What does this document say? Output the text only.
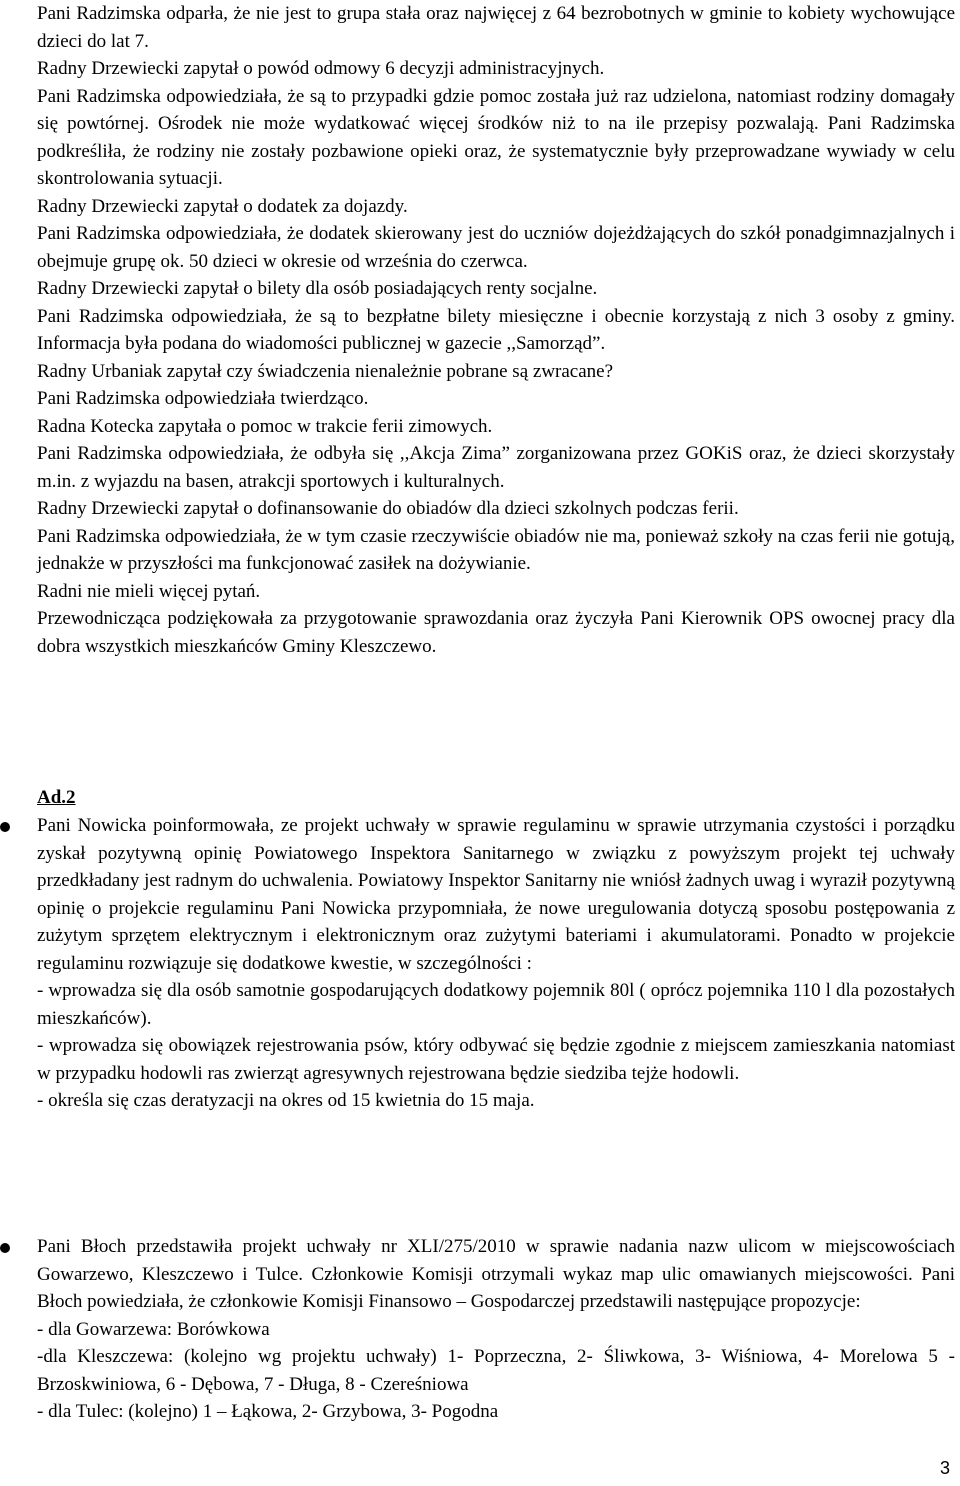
Pani Radzimska odparła, że nie jest to grupa stała oraz najwięcej z 64 bezrobotnych w gminie to kobiety wychowujące dzieci do lat 7.
Radny Drzewiecki zapytał o powód odmowy 6 decyzji administracyjnych.
Pani Radzimska odpowiedziała, że są to przypadki gdzie pomoc została już raz udzielona, natomiast rodziny domagały się powtórnej. Ośrodek nie może wydatkować więcej środków niż to na ile przepisy pozwalają. Pani Radzimska podkreśliła, że rodziny nie zostały pozbawione opieki oraz, że systematycznie były przeprowadzane wywiady w celu skontrolowania sytuacji.
Radny Drzewiecki zapytał o dodatek za dojazdy.
Pani Radzimska odpowiedziała, że dodatek skierowany jest do uczniów dojeżdżających do szkół ponadgimnazjalnych i obejmuje grupę ok. 50 dzieci w okresie od września do czerwca.
Radny Drzewiecki zapytał o bilety dla osób posiadających renty socjalne.
Pani Radzimska odpowiedziała, że są to bezpłatne bilety miesięczne i obecnie korzystają z nich 3 osoby z gminy. Informacja była podana do wiadomości publicznej w gazecie ,,Samorząd”.
Radny Urbaniak zapytał czy świadczenia nienależnie pobrane są zwracane?
Pani Radzimska odpowiedziała twierdząco.
Radna Kotecka zapytała o pomoc w trakcie ferii zimowych.
Pani Radzimska odpowiedziała, że odbyła się ,,Akcja Zima” zorganizowana przez GOKiS oraz, że dzieci skorzystały m.in. z wyjazdu na basen, atrakcji sportowych i kulturalnych.
Radny Drzewiecki zapytał o dofinansowanie do obiadów dla dzieci szkolnych podczas ferii.
Pani Radzimska odpowiedziała, że w tym czasie rzeczywiście obiadów nie ma, ponieważ szkoły na czas ferii nie gotują, jednakże w przyszłości ma funkcjonować zasiłek na dożywianie.
Radni nie mieli więcej pytań.
Przewodnicząca podziękowała za przygotowanie sprawozdania oraz życzyła Pani Kierownik OPS owocnej pracy dla dobra wszystkich mieszkańców Gminy Kleszczewo.

Ad.2

Pani Nowicka poinformowała, ze projekt uchwały w sprawie regulaminu w sprawie utrzymania czystości i porządku zyskał pozytywną opinię Powiatowego Inspektora Sanitarnego w związku z powyższym projekt tej uchwały przedkładany jest radnym do uchwalenia. Powiatowy Inspektor Sanitarny nie wniósł żadnych uwag i wyraził pozytywną opinię o projekcie regulaminu Pani Nowicka przypomniała, że nowe uregulowania dotyczą sposobu postępowania z zużytym sprzętem elektrycznym i elektronicznym oraz zużytymi bateriami i akumulatorami. Ponadto w projekcie regulaminu rozwiązuje się dodatkowe kwestie, w szczególności :
- wprowadza się dla osób samotnie gospodarujących dodatkowy pojemnik 80l ( oprócz pojemnika 110 l dla pozostałych mieszkańców).
- wprowadza się obowiązek rejestrowania psów, który odbywać się będzie zgodnie z miejscem zamieszkania natomiast w przypadku hodowli ras zwierząt agresywnych rejestrowana będzie siedziba tejże hodowli.
- określa się czas deratyzacji na okres od 15 kwietnia do 15 maja.
Pani Błoch przedstawiła projekt uchwały nr XLI/275/2010 w sprawie nadania nazw ulicom w miejscowościach Gowarzewo, Kleszczewo i Tulce. Członkowie Komisji otrzymali wykaz map ulic omawianych miejscowości. Pani Błoch powiedziała, że członkowie Komisji Finansowo – Gospodarczej przedstawili następujące propozycje:
- dla Gowarzewa: Borówkowa
-dla Kleszczewa: (kolejno wg projektu uchwały) 1- Poprzeczna, 2- Śliwkowa, 3- Wiśniowa, 4- Morelowa 5 - Brzoskwiniowa, 6 - Dębowa, 7 - Długa, 8 - Czereśniowa
- dla Tulec: (kolejno) 1 – Łąkowa, 2- Grzybowa, 3- Pogodna
3
